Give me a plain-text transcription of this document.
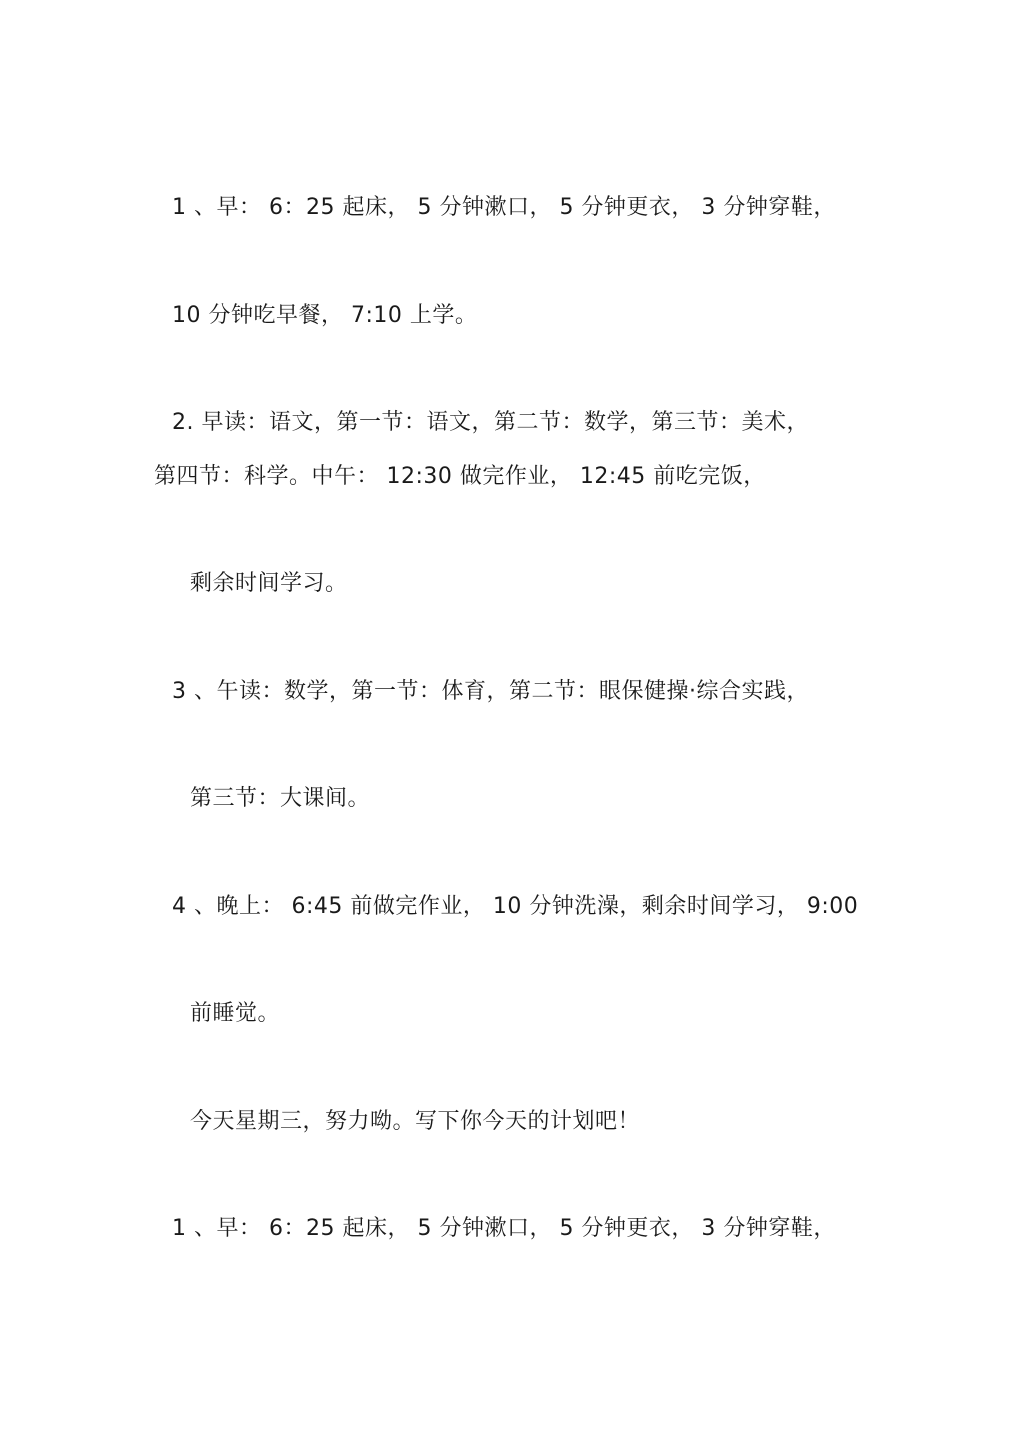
1 、早： 6：25 起床， 5 分钟漱口， 5 分钟更衣， 3 分钟穿鞋，
10 分钟吃早餐， 7:10 上学。
2. 早读：语文，第一节：语文，第二节：数学，第三节：美术，
第四节：科学。中午： 12:30 做完作业， 12:45 前吃完饭，
剩余时间学习。
3 、午读：数学，第一节：体育，第二节：眼保健操·综合实践，
第三节：大课间。
4 、晚上： 6:45 前做完作业， 10 分钟洗澡，剩余时间学习， 9:00
前睡觉。
今天星期三，努力呦。写下你今天的计划吧！
1 、早： 6：25 起床， 5 分钟漱口， 5 分钟更衣， 3 分钟穿鞋，
